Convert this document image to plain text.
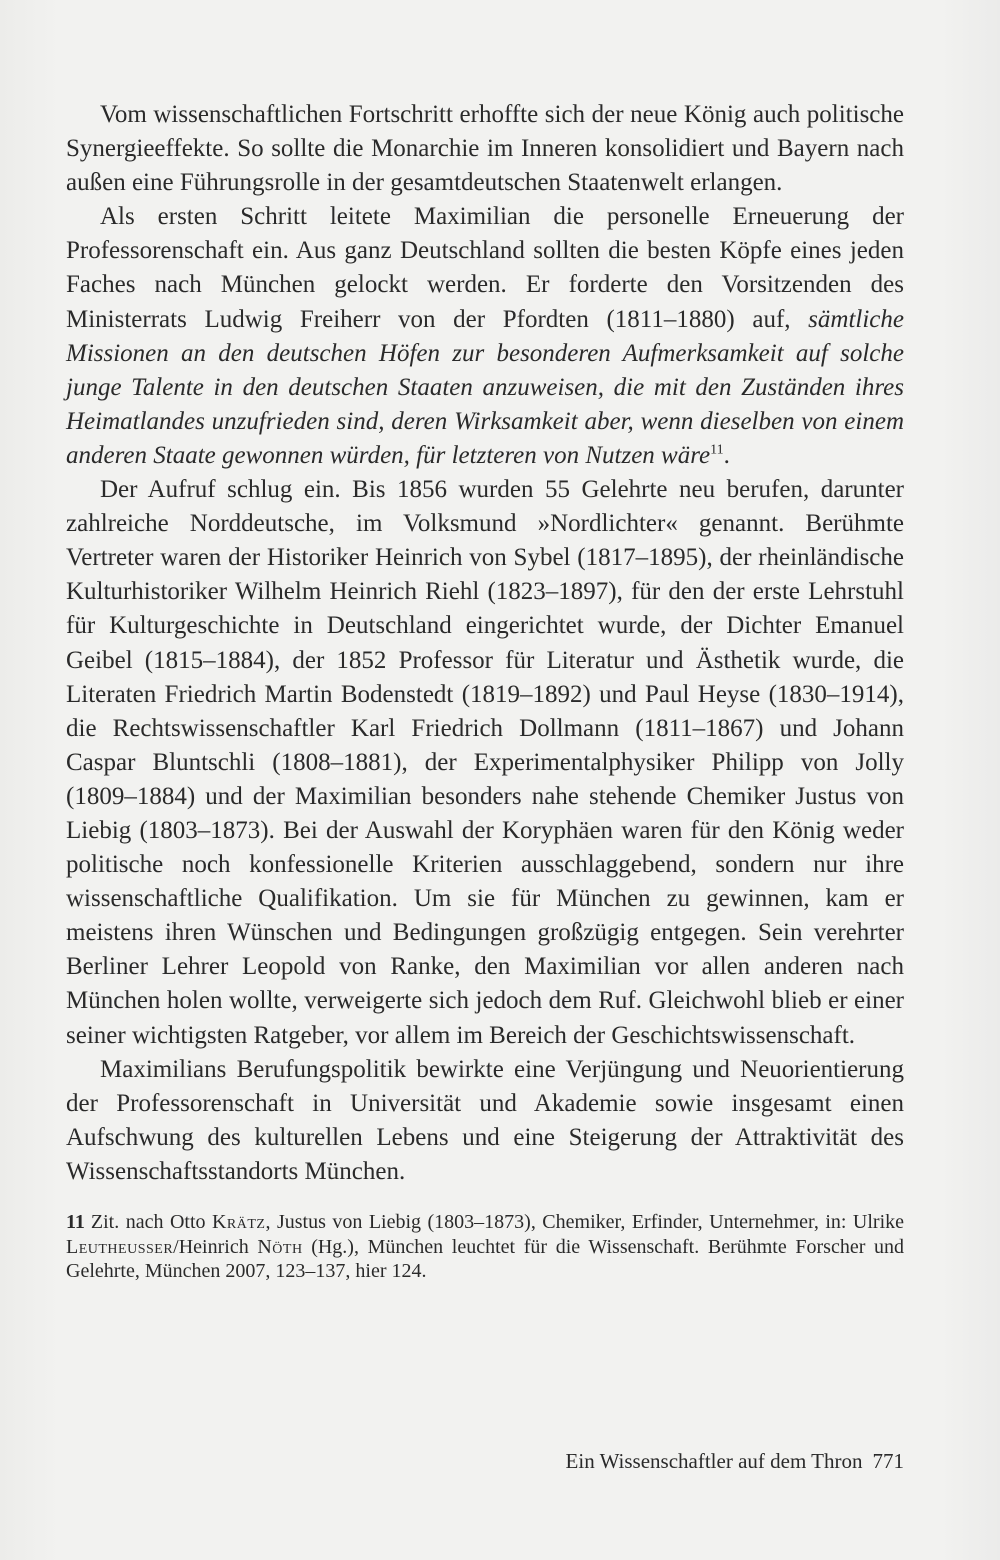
Vom wissenschaftlichen Fortschritt erhoffte sich der neue König auch politische Synergieeffekte. So sollte die Monarchie im Inneren konsolidiert und Bayern nach außen eine Führungsrolle in der gesamtdeutschen Staatenwelt erlangen.

Als ersten Schritt leitete Maximilian die personelle Erneuerung der Professorenschaft ein. Aus ganz Deutschland sollten die besten Köpfe eines jeden Faches nach München gelockt werden. Er forderte den Vorsitzenden des Ministerrats Ludwig Freiherr von der Pfordten (1811–1880) auf, sämtliche Missionen an den deutschen Höfen zur besonderen Aufmerksamkeit auf solche junge Talente in den deutschen Staaten anzuweisen, die mit den Zuständen ihres Heimatlandes unzufrieden sind, deren Wirksamkeit aber, wenn dieselben von einem anderen Staate gewonnen würden, für letzteren von Nutzen wäre$^{11}$.

Der Aufruf schlug ein. Bis 1856 wurden 55 Gelehrte neu berufen, darunter zahlreiche Norddeutsche, im Volksmund »Nordlichter« genannt. Berühmte Vertreter waren der Historiker Heinrich von Sybel (1817–1895), der rheinländische Kulturhistoriker Wilhelm Heinrich Riehl (1823–1897), für den der erste Lehrstuhl für Kulturgeschichte in Deutschland eingerichtet wurde, der Dichter Emanuel Geibel (1815–1884), der 1852 Professor für Literatur und Ästhetik wurde, die Literaten Friedrich Martin Bodenstedt (1819–1892) und Paul Heyse (1830–1914), die Rechtswissenschaftler Karl Friedrich Dollmann (1811–1867) und Johann Caspar Bluntschli (1808–1881), der Experimentalphysiker Philipp von Jolly (1809–1884) und der Maximilian besonders nahe stehende Chemiker Justus von Liebig (1803–1873). Bei der Auswahl der Koryphäen waren für den König weder politische noch konfessionelle Kriterien ausschlaggebend, sondern nur ihre wissenschaftliche Qualifikation. Um sie für München zu gewinnen, kam er meistens ihren Wünschen und Bedingungen großzügig entgegen. Sein verehrter Berliner Lehrer Leopold von Ranke, den Maximilian vor allen anderen nach München holen wollte, verweigerte sich jedoch dem Ruf. Gleichwohl blieb er einer seiner wichtigsten Ratgeber, vor allem im Bereich der Geschichtswissenschaft.

Maximilians Berufungspolitik bewirkte eine Verjüngung und Neuorientierung der Professorenschaft in Universität und Akademie sowie insgesamt einen Aufschwung des kulturellen Lebens und eine Steigerung der Attraktivität des Wissenschaftsstandorts München.

11 Zit. nach Otto Krätz, Justus von Liebig (1803–1873), Chemiker, Erfinder, Unternehmer, in: Ulrike Leutheusser/Heinrich Nöth (Hg.), München leuchtet für die Wissenschaft. Berühmte Forscher und Gelehrte, München 2007, 123–137, hier 124.
Ein Wissenschaftler auf dem Thron 771
